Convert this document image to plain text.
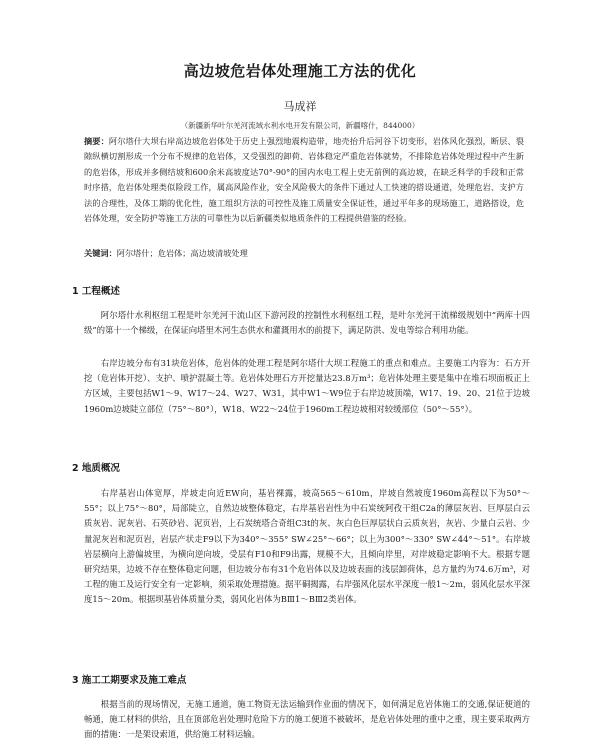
高边坡危岩体处理施工方法的优化
马成祥
（新疆新华叶尔羌河流域水利水电开发有限公司，新疆喀什，844000）
摘要：阿尔塔什大坝右岸高边坡危岩体处于历史上强烈地震构造带，地壳抬升后河谷下切变形，岩体风化强烈，断层、裂隙纵横切割形成一个分布不规律的危岩体，又受强烈的卸荷、岩体稳定严重危岩体就势，不排除危岩体处理过程中产生新的危岩体，形成并多侧结坡和600余米高坡度达70°-90°的国内水电工程上史无前例的高边坡，在缺乏科学的手段和正常时序措，危岩体处理类似险段工作，属高风险作业，安全风险极大的条件下通过人工快速的搭设通道，处理危岩、支护方法的合理性，及体工期的优化性，施工组织方法的可控性及施工质量安全保证性，通过平年多的现场施工，道路搭设，危岩体处理，安全防护等施工方法的可靠性为以后新疆类似地质条件的工程提供借鉴的经验。
关键词：阿尔塔什；危岩体；高边坡清坡处理
1 工程概述

阿尔塔什水利枢纽工程是叶尔羌河干流山区下游河段的控制性水利枢纽工程，是叶尔羌河干流梯级规划中“两库十四级”的第十一个梯级，在保证向塔里木河生态供水和灌溉用水的前提下，满足防洪、发电等综合利用功能。

右岸边坡分布有31块危岩体，危岩体的处理工程是阿尔塔什大坝工程施工的重点和难点。主要施工内容为：石方开挖（危岩体开挖）、支护、喷护混凝土等。危岩体处理石方开挖量达23.8万m³；危岩体处理主要是集中在堆石坝面板正上方区域，主要包括W1～9、W17～24、W27、W31，其中W1～W9位于右岸边坡顶端，W17、19、20、21位于边坡1960m边坡陡立部位（75°～80°），W18、W22～24位于1960m工程边坡相对较缓部位（50°～55°）。

2 地质概况

右岸基岩山体宽厚，岸坡走向近EW向，基岩裸露，坡高565～610m，岸坡自然坡度1960m高程以下为50°～55°；以上75°～80°，局部陡立，自然边坡整体稳定，右岸基岩岩性为中石炭统阿孜干组C2a的薄层灰岩、巨厚层白云质灰岩、泥灰岩、石英砂岩、泥页岩，上石炭统塔合奇组C3t的灰、灰白色巨厚层状白云质灰岩，灰岩、少量白云岩、少量泥灰岩和泥页岩，岩层产状走F9以下为340°～355° SW∠25°～66°；以上为300°～330° SW∠44°～51°。右岸坡岩层横向上游偏坡里，为横向逆向坡，受层有F10和F9出露，规模不大，且倾向岸里，对岸坡稳定影响不大。根据专题研究结果，边坡不存在整体稳定问题，但边坡分布有31个危岩体以及边坡表面的浅层卸荷体，总方量约为74.6万m³，对工程的施工及运行安全有一定影响，须采取处理措施。据平硐揭露，右岸强风化层水平深度一般1～2m，弱风化层水平深度15～20m。根据坝基岩体质量分类，弱风化岩体为BⅢ1～BⅢ2类岩体。

3 施工工期要求及施工难点

根据当前的现场情况，无施工通道，施工物资无法运输到作业面的情况下，如何满足危岩体施工的交通,保证便道的畅通，施工材料的供给，且在顶部危岩处理时危险下方的施工便道不被破坏，是危岩体处理的重中之重，现主要采取两方面的措施：一是架设索道，供给施工材料运输。
